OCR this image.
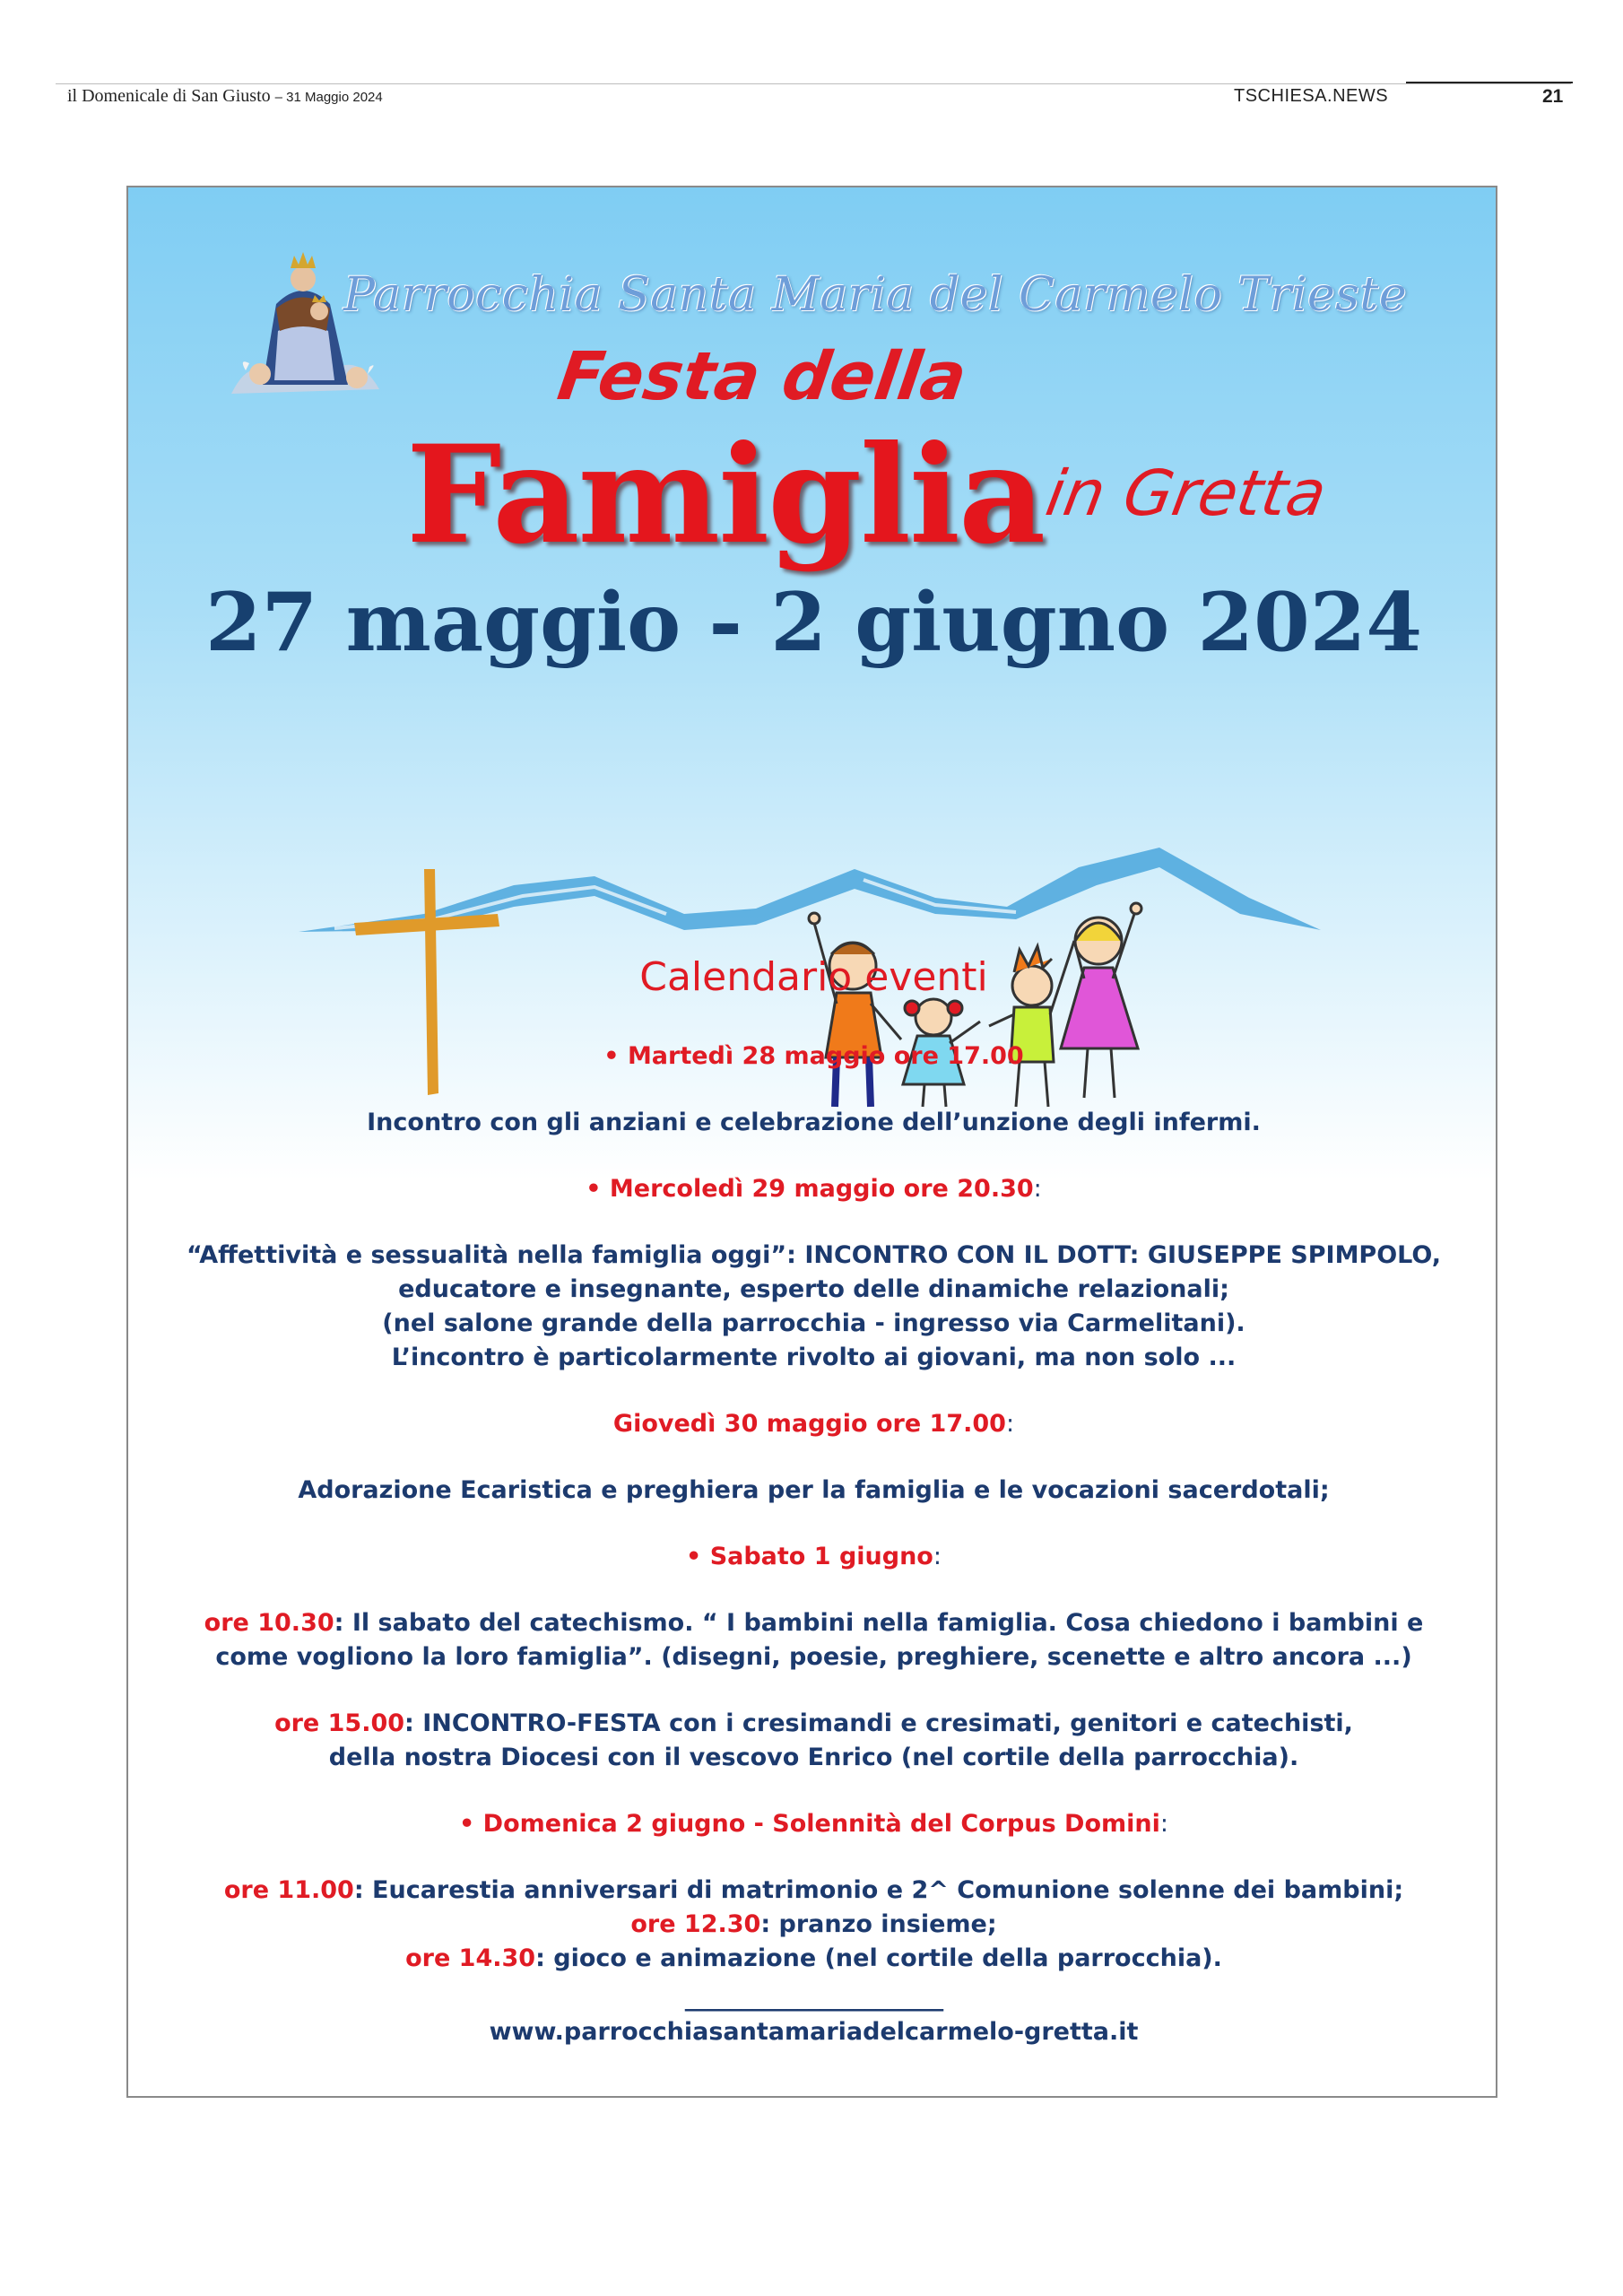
il Domenicale di San Giusto – 31 Maggio 2024	TSCHIESA.NEWS	21
Parrocchia Santa Maria del Carmelo Trieste
Festa della
Famiglia
in Gretta
27 maggio - 2 giugno 2024
Calendario eventi

• Martedì 28 maggio ore 17.00

Incontro con gli anziani e celebrazione dell’unzione degli infermi.

• Mercoledì 29 maggio ore 20.30:

“Affettività e sessualità nella famiglia oggi”: INCONTRO CON IL DOTT: GIUSEPPE SPIMPOLO,

educatore e insegnante, esperto delle dinamiche relazionali;

(nel salone grande della parrocchia - ingresso via Carmelitani).

L’incontro è particolarmente rivolto ai giovani, ma non solo ...

Giovedì 30 maggio ore 17.00:

Adorazione Ecaristica e preghiera per la famiglia e le vocazioni sacerdotali;

• Sabato 1 giugno:

ore 10.30: Il sabato del catechismo. “ I bambini nella famiglia. Cosa chiedono i bambini e

come vogliono la loro famiglia”. (disegni, poesie, preghiere, scenette e altro ancora ...)

ore 15.00: INCONTRO-FESTA con i cresimandi e cresimati, genitori e catechisti,

della nostra Diocesi con il vescovo Enrico (nel cortile della parrocchia).

• Domenica 2 giugno - Solennità del Corpus Domini:

ore 11.00: Eucarestia anniversari di matrimonio e 2^ Comunione solenne dei bambini;

ore 12.30: pranzo insieme;

ore 14.30: gioco e animazione (nel cortile della parrocchia).

_______________________

www.parrocchiasantamariadelcarmelo-gretta.it
